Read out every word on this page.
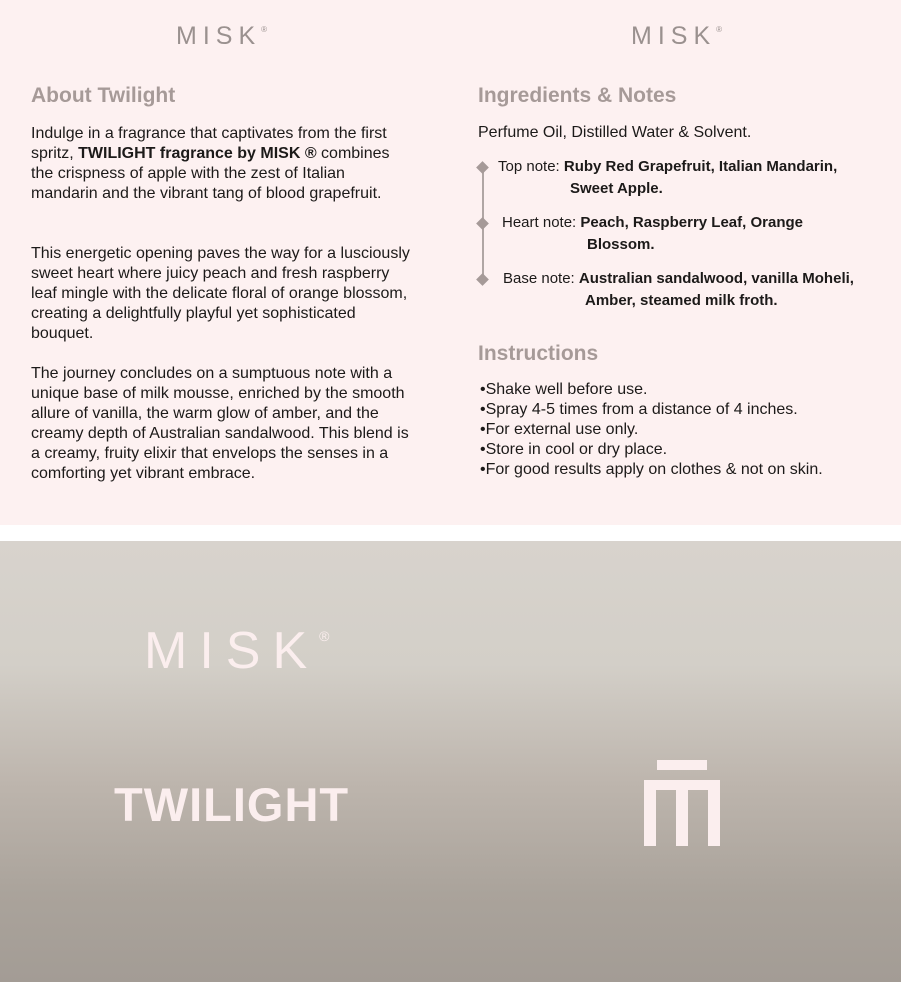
MISK®	MISK®
About Twilight

Indulge in a fragrance that captivates from the first spritz, TWILIGHT fragrance by MISK ® combines the crispness of apple with the zest of Italian mandarin and the vibrant tang of blood grapefruit.

This energetic opening paves the way for a lusciously sweet heart where juicy peach and fresh raspberry leaf mingle with the delicate floral of orange blossom, creating a delightfully playful yet sophisticated bouquet.

The journey concludes on a sumptuous note with a unique base of milk mousse, enriched by the smooth allure of vanilla, the warm glow of amber, and the creamy depth of Australian sandalwood. This blend is a creamy, fruity elixir that envelops the senses in a comforting yet vibrant embrace.

Ingredients & Notes
Perfume Oil, Distilled Water & Solvent.
Top note: Ruby Red Grapefruit, Italian Mandarin,
Sweet Apple.
Heart note: Peach, Raspberry Leaf, Orange
Blossom.
Base note: Australian sandalwood, vanilla Moheli,
Amber, steamed milk froth.
Instructions
• Shake well before use.
• Spray 4-5 times from a distance of 4 inches.
• For external use only.
• Store in cool or dry place.
• For good results apply on clothes & not on skin.
MISK®
TWILIGHT
